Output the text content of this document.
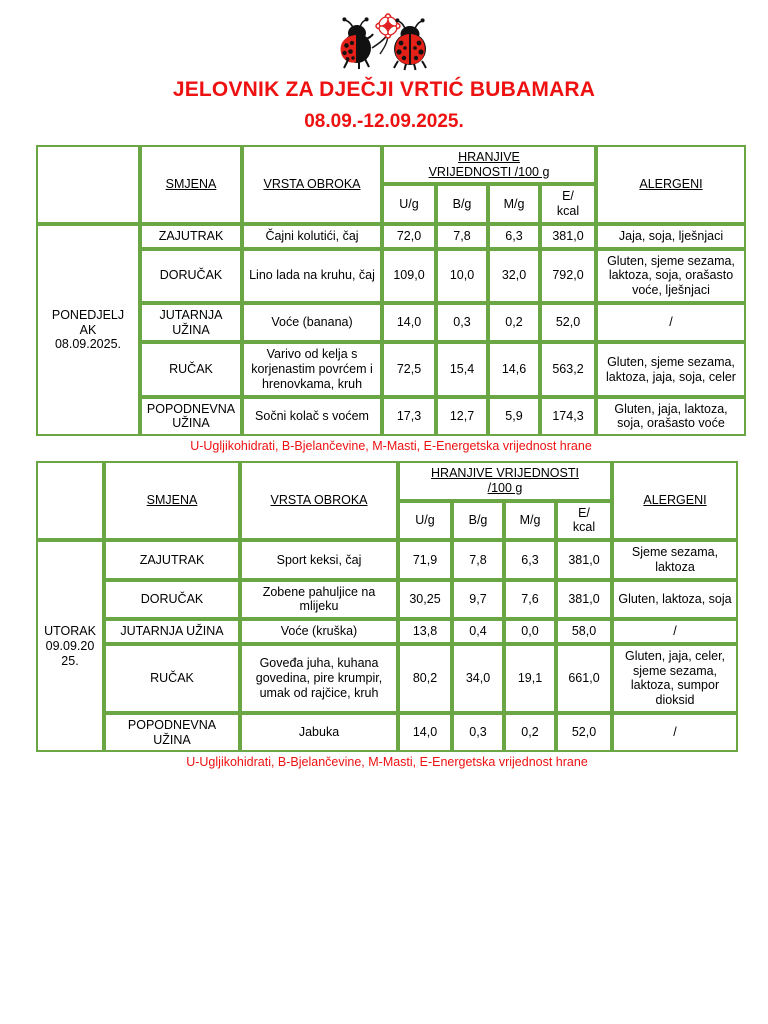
JELOVNIK ZA DJEČJI VRTIĆ BUBAMARA
08.09.-12.09.2025.
	SMJENA	VRSTA OBROKA	HRANJIVE
VRIJEDNOSTI /100 g				ALERGENI
			U/g	B/g	M/g	E/
kcal	
PONEDJELJ
AK
08.09.2025.	ZAJUTRAK	Čajni kolutići, čaj	72,0	7,8	6,3	381,0	Jaja, soja, lješnjaci
	DORUČAK	Lino lada na kruhu, čaj	109,0	10,0	32,0	792,0	Gluten, sjeme sezama, laktoza, soja, orašasto voće, lješnjaci
	JUTARNJA UŽINA	Voće (banana)	14,0	0,3	0,2	52,0	/
	RUČAK	Varivo od kelja s korjenastim povrćem i hrenovkama, kruh	72,5	15,4	14,6	563,2	Gluten, sjeme sezama, laktoza, jaja, soja, celer
	POPODNEVNA UŽINA	Sočni kolač s voćem	17,3	12,7	5,9	174,3	Gluten, jaja, laktoza, soja, orašasto voće
U-Ugljikohidrati, B-Bjelančevine, M-Masti, E-Energetska vrijednost hrane
	SMJENA	VRSTA OBROKA	HRANJIVE VRIJEDNOSTI
/100 g				ALERGENI
			U/g	B/g	M/g	E/
kcal	
UTORAK
09.09.20
25.	ZAJUTRAK	Sport keksi, čaj	71,9	7,8	6,3	381,0	Sjeme sezama, laktoza
	DORUČAK	Zobene pahuljice na mlijeku	30,25	9,7	7,6	381,0	Gluten, laktoza, soja
	JUTARNJA UŽINA	Voće (kruška)	13,8	0,4	0,0	58,0	/
	RUČAK	Goveđa juha, kuhana govedina, pire krumpir, umak od rajčice, kruh	80,2	34,0	19,1	661,0	Gluten, jaja, celer, sjeme sezama, laktoza, sumpor dioksid
	POPODNEVNA UŽINA	Jabuka	14,0	0,3	0,2	52,0	/
U-Ugljikohidrati, B-Bjelančevine, M-Masti, E-Energetska vrijednost hrane
